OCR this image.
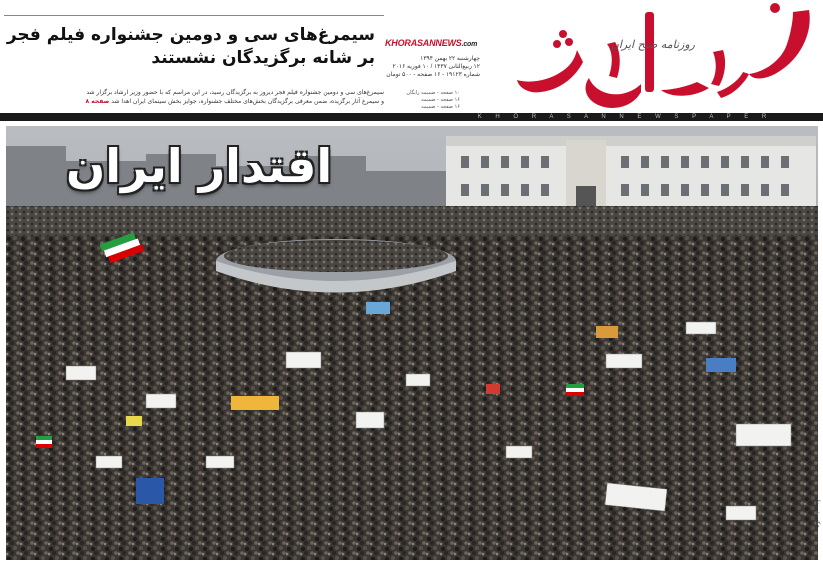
روزنامه صبح ایران
KHORASANNEWS.com
چهارشنبه ۲۲ بهمن ۱۳۹۴
۱۲ ربیع‌الثانی ۱۴۳۷ / ۱۰ فوریه ۲۰۱۶
شماره ۱۹۱۲۳ - ۱۶ صفحه - ۵۰۰ تومان
سیمرغ‌های سی و دومین جشنواره فیلم فجر
بر شانه برگزیدگان نشستند
سیمرغ‌های سی و دومین جشنواره فیلم فجر دیروز به برگزیدگان رسید، در این مراسم که با حضور وزیر ارشاد برگزار شد
و سیمرغ آثار برگزیده، ضمن معرفی برگزیدگان بخش‌های مختلف جشنواره، جوایز بخش سینمای ایران اهدا شد صفحه ۸
۱۰ صفحه - ضمیمه رایگان
۱۶ صفحه - ضمیمه
۱۶ صفحه - ضمیمه
K H O R A S A N N E W S P A P E R
اقتدار ایران
عکس: رضا
